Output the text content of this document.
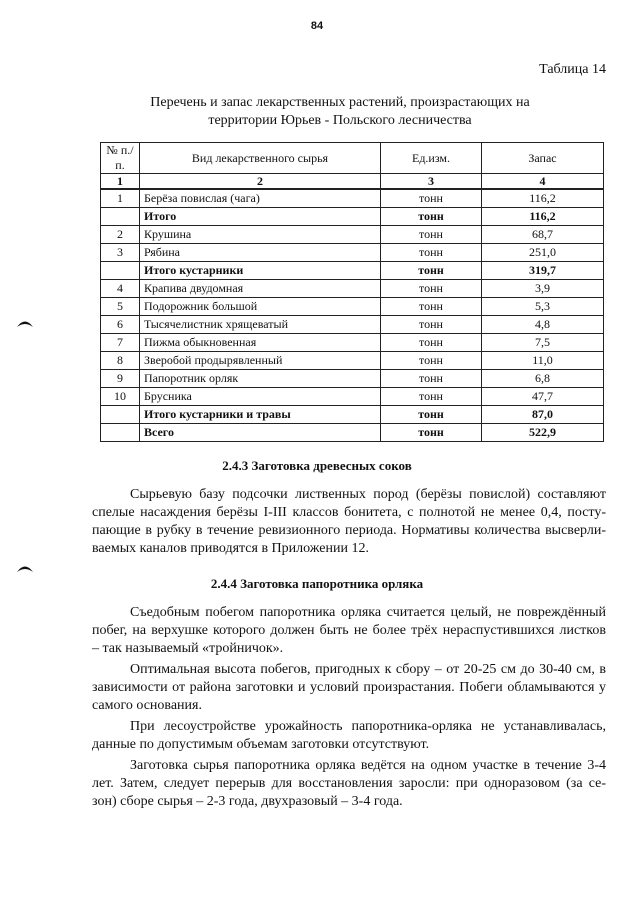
84
Таблица 14
Перечень и запас лекарственных растений, произрастающих на
территории Юрьев - Польского лесничества
№ п./п.	Вид лекарственного сырья	Ед.изм.	Запас
1	2	3	4
1	Берёза повислая (чага)	тонн	116,2
	Итого	тонн	116,2
2	Крушина	тонн	68,7
3	Рябина	тонн	251,0
	Итого кустарники	тонн	319,7
4	Крапива двудомная	тонн	3,9
5	Подорожник большой	тонн	5,3
6	Тысячелистник хрящеватый	тонн	4,8
7	Пижма обыкновенная	тонн	7,5
8	Зверобой продырявленный	тонн	11,0
9	Папоротник орляк	тонн	6,8
10	Брусника	тонн	47,7
	Итого кустарники и травы	тонн	87,0
	Всего	тонн	522,9
2.4.3 Заготовка древесных соков
Сырьевую базу подсочки лиственных пород (берёзы повислой) составляют
спелые насаждения берёзы I-III классов бонитета, с полнотой не менее 0,4, посту-
пающие в рубку в течение ревизионного периода. Нормативы количества высверли-
ваемых каналов приводятся в Приложении 12.
2.4.4 Заготовка папоротника орляка
Съедобным побегом папоротника орляка считается целый, не повреждённый
побег, на верхушке которого должен быть не более трёх нераспустившихся листков
– так называемый «тройничок».
Оптимальная высота побегов, пригодных к сбору – от 20-25 см до 30-40 см, в
зависимости от района заготовки и условий произрастания. Побеги обламываются у
самого основания.
При лесоустройстве урожайность папоротника-орляка не устанавливалась,
данные по допустимым объемам заготовки отсутствуют.
Заготовка сырья папоротника орляка ведётся на одном участке в течение 3-4
лет. Затем, следует перерыв для восстановления заросли: при одноразовом (за се-
зон) сборе сырья – 2-3 года, двухразовый – 3-4 года.
